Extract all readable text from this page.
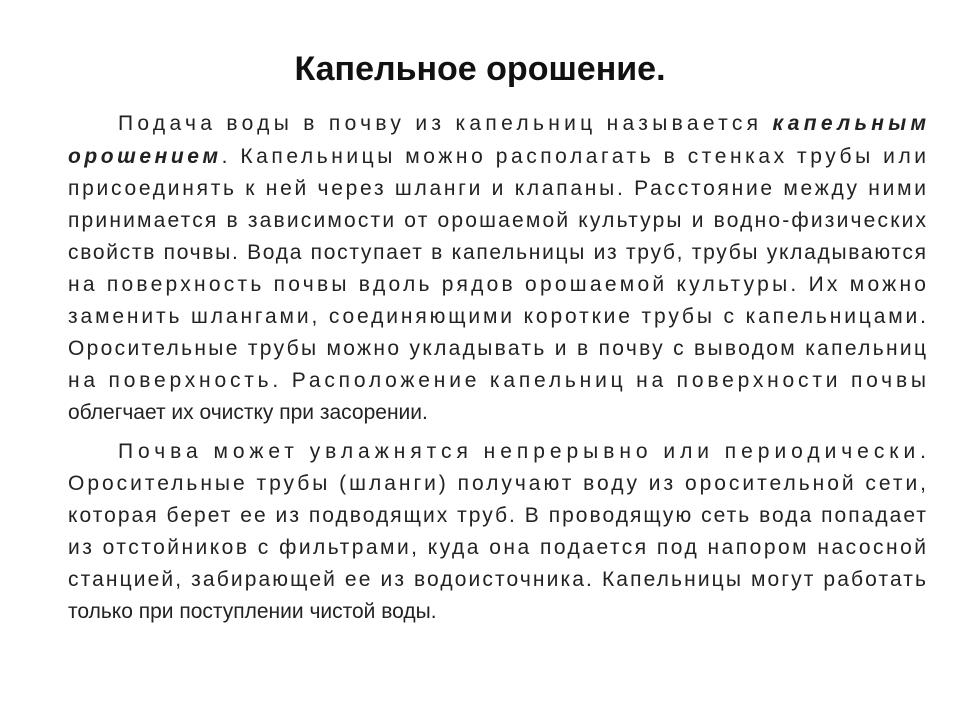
Капельное орошение.
Подача воды в почву из капельниц называется капельным
орошением . Капельницы можно располагать в стенках трубы или
присоединять к ней через шланги и клапаны. Расстояние между ними
принимается в зависимости от орошаемой культуры и водно-физических
свойств почвы. Вода поступает в капельницы из труб, трубы укладываются
на поверхность почвы вдоль рядов орошаемой культуры. Их можно
заменить шлангами, соединяющими короткие трубы с капельницами.
Оросительные трубы можно укладывать и в почву с выводом капельниц
на поверхность. Расположение капельниц на поверхности почвы
облегчает их очистку при засорении.
Почва может увлажнятся непрерывно или периодически.
Оросительные трубы (шланги) получают воду из оросительной сети,
которая берет ее из подводящих труб. В проводящую сеть вода попадает
из отстойников с фильтрами, куда она подается под напором насосной
станцией, забирающей ее из водоисточника. Капельницы могут работать
только при поступлении чистой воды.
